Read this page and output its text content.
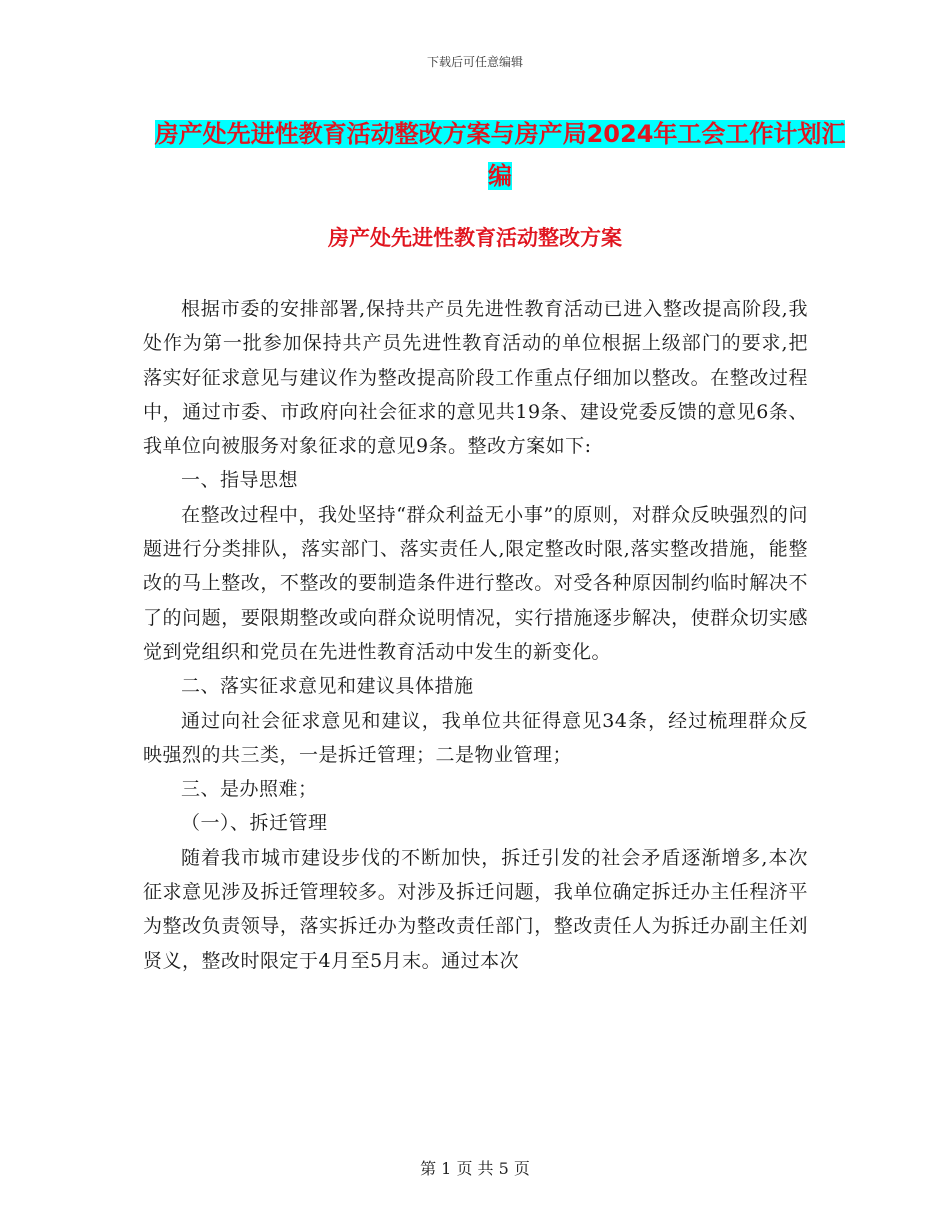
下载后可任意编辑
房产处先进性教育活动整改方案与房产局2024年工会工作计划汇编
房产处先进性教育活动整改方案

根据市委的安排部署,保持共产员先进性教育活动已进入整改提高阶段,我处作为第一批参加保持共产员先进性教育活动的单位根据上级部门的要求,把落实好征求意见与建议作为整改提高阶段工作重点仔细加以整改。在整改过程中，通过市委、市政府向社会征求的意见共19条、建设党委反馈的意见6条、我单位向被服务对象征求的意见9条。整改方案如下:

一、指导思想

在整改过程中，我处坚持“群众利益无小事”的原则，对群众反映强烈的问题进行分类排队，落实部门、落实责任人,限定整改时限,落实整改措施，能整改的马上整改，不整改的要制造条件进行整改。对受各种原因制约临时解决不了的问题，要限期整改或向群众说明情况，实行措施逐步解决，使群众切实感觉到党组织和党员在先进性教育活动中发生的新变化。

二、落实征求意见和建议具体措施

通过向社会征求意见和建议，我单位共征得意见34条，经过梳理群众反映强烈的共三类，一是拆迁管理；二是物业管理；

三、是办照难；

（一）、拆迁管理

随着我市城市建设步伐的不断加快，拆迁引发的社会矛盾逐渐增多,本次征求意见涉及拆迁管理较多。对涉及拆迁问题，我单位确定拆迁办主任程济平为整改负责领导，落实拆迁办为整改责任部门，整改责任人为拆迁办副主任刘贤义，整改时限定于4月至5月末。通过本次

第 1 页 共 5 页
